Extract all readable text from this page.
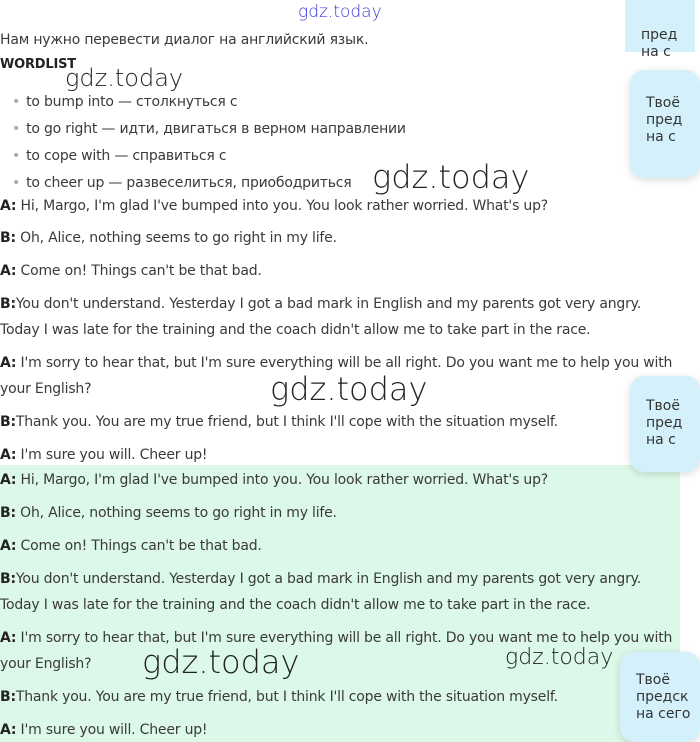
gdz.today
Нам нужно перевести диалог на английский язык.
WORDLIST
• to bump into — столкнуться с
• to go right — идти, двигаться в верном направлении
• to cope with — справиться с
• to cheer up — развеселиться, приободриться
A: Hi, Margo, I'm glad I've bumped into you. You look rather worried. What's up?
B: Oh, Alice, nothing seems to go right in my life.
A: Come on! Things can't be that bad.
B:You don't understand. Yesterday I got a bad mark in English and my parents got very angry.
Today I was late for the training and the coach didn't allow me to take part in the race.
A: I'm sorry to hear that, but I'm sure everything will be all right. Do you want me to help you with
your English?
B:Thank you. You are my true friend, but I think I'll cope with the situation myself.
A: I'm sure you will. Cheer up!
A: Hi, Margo, I'm glad I've bumped into you. You look rather worried. What's up?
B: Oh, Alice, nothing seems to go right in my life.
A: Come on! Things can't be that bad.
B:You don't understand. Yesterday I got a bad mark in English and my parents got very angry.
Today I was late for the training and the coach didn't allow me to take part in the race.
A: I'm sorry to hear that, but I'm sure everything will be all right. Do you want me to help you with
your English?
B:Thank you. You are my true friend, but I think I'll cope with the situation myself.
A: I'm sure you will. Cheer up!
gdz.today
gdz.today
gdz.today
gdz.today	gdz.today
пред
на с
Твоё
пред
на с
Твоё
пред
на с
Твоё
предск
на сего
